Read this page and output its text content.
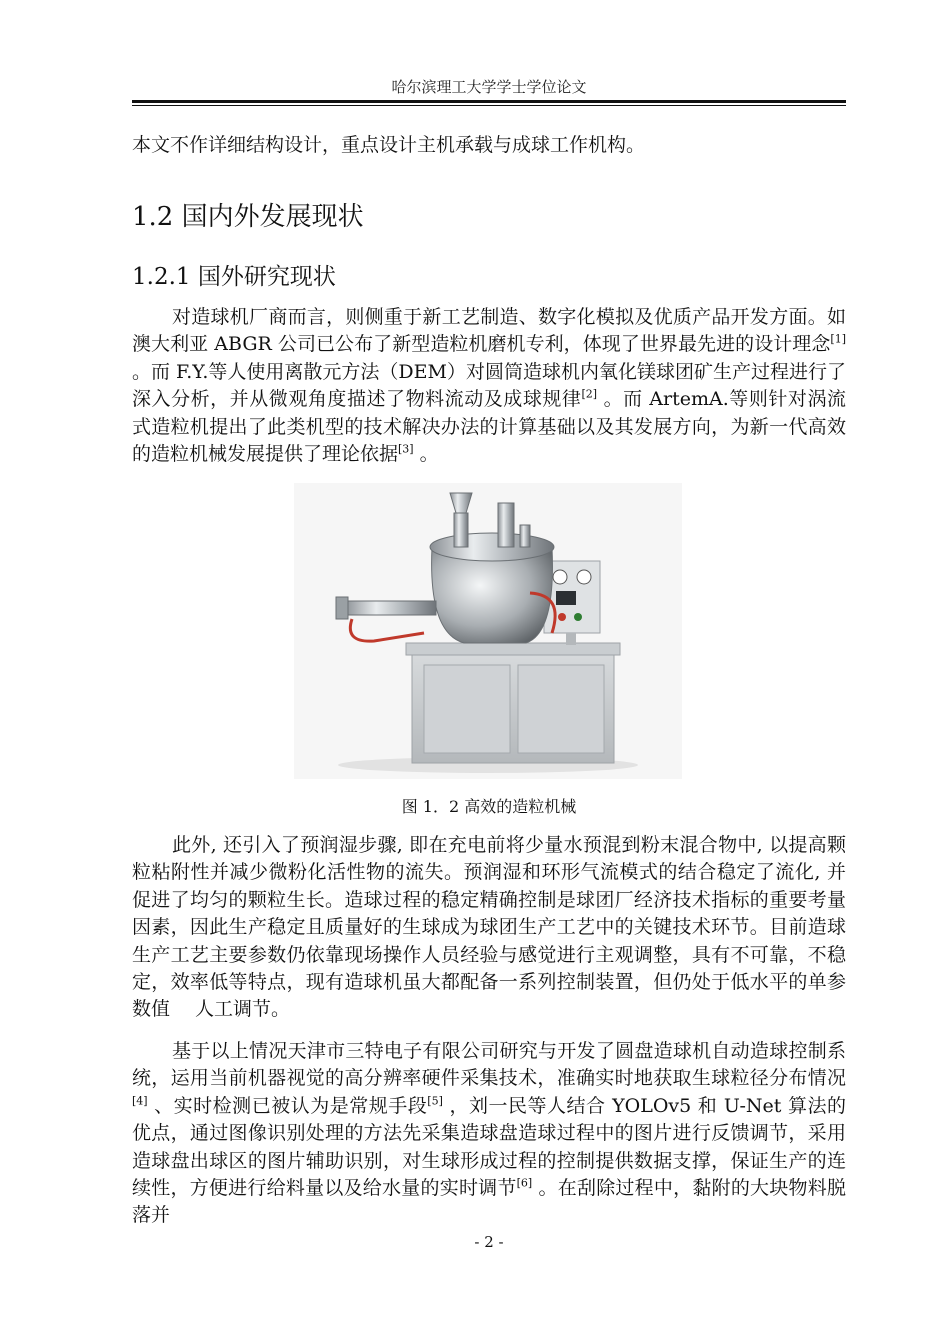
哈尔滨理工大学学士学位论文

本文不作详细结构设计，重点设计主机承载与成球工作机构。

1.2 国内外发展现状
1.2.1 国外研究现状

对造球机厂商而言，则侧重于新工艺制造、数字化模拟及优质产品开发方面。如澳大利亚 ABGR 公司已公布了新型造粒机磨机专利，体现了世界最先进的设计理念[1] 。而 F.Y.等人使用离散元方法（DEM）对圆筒造球机内氧化镁球团矿生产过程进行了深入分析，并从微观角度描述了物料流动及成球规律[2] 。而 ArtemA.等则针对涡流式造粒机提出了此类机型的技术解决办法的计算基础以及其发展方向，为新一代高效的造粒机械发展提供了理论依据[3] 。

图 1．2 高效的造粒机械

此外, 还引入了预润湿步骤, 即在充电前将少量水预混到粉末混合物中, 以提高颗粒粘附性并减少微粉化活性物的流失。预润湿和环形气流模式的结合稳定了流化, 并促进了均匀的颗粒生长。造球过程的稳定精确控制是球团厂经济技术指标的重要考量因素，因此生产稳定且质量好的生球成为球团生产工艺中的关键技术环节。目前造球生产工艺主要参数仍依靠现场操作人员经验与感觉进行主观调整，具有不可靠，不稳定，效率低等特点，现有造球机虽大都配备一系列控制装置，但仍处于低水平的单参数值　 人工调节。

基于以上情况天津市三特电子有限公司研究与开发了圆盘造球机自动造球控制系统，运用当前机器视觉的高分辨率硬件采集技术，准确实时地获取生球粒径分布情况[4] 、实时检测已被认为是常规手段[5] ，刘一民等人结合 YOLOv5 和 U-Net 算法的优点，通过图像识别处理的方法先采集造球盘造球过程中的图片进行反馈调节，采用造球盘出球区的图片辅助识别，对生球形成过程的控制提供数据支撑，保证生产的连续性，方便进行给料量以及给水量的实时调节[6] 。在刮除过程中，黏附的大块物料脱落并

- 2 -
